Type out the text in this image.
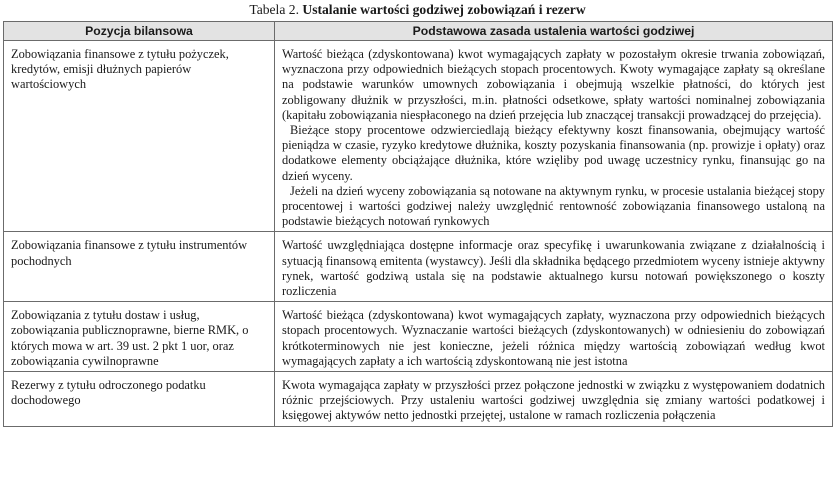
Tabela 2. Ustalanie wartości godziwej zobowiązań i rezerw
Pozycja bilansowa	Podstawowa zasada ustalenia wartości godziwej
Zobowiązania finansowe z tytułu pożyczek, kredytów, emisji dłużnych papierów wartościowych	Wartość bieżąca (zdyskontowana) kwot wymagających zapłaty w pozostałym okresie trwania zobowiązań, wyznaczona przy odpowiednich bieżących stopach procentowych. Kwoty wymagające zapłaty są określane na podstawie warunków umownych zobowiązania i obejmują wszelkie płatności, do których jest zobligowany dłużnik w przyszłości, m.in. płatności odsetkowe, spłaty wartości nominalnej zobowiązania (kapitału zobowiązania niespłaconego na dzień przejęcia lub znaczącej transakcji prowadzącej do przejęcia).

Bieżące stopy procentowe odzwierciedlają bieżący efektywny koszt finansowania, obejmujący wartość pieniądza w czasie, ryzyko kredytowe dłużnika, koszty pozyskania finansowania (np. prowizje i opłaty) oraz dodatkowe elementy obciążające dłużnika, które wzięliby pod uwagę uczestnicy rynku, finansując go na dzień wyceny.

Jeżeli na dzień wyceny zobowiązania są notowane na aktywnym rynku, w procesie ustalania bieżącej stopy procentowej i wartości godziwej należy uwzględnić rentowność zobowiązania finansowego ustaloną na podstawie bieżących notowań rynkowych

Zobowiązania finansowe z tytułu instrumentów pochodnych	Wartość uwzględniająca dostępne informacje oraz specyfikę i uwarunkowania związane z działalnością i sytuacją finansową emitenta (wystawcy). Jeśli dla składnika będącego przedmiotem wyceny istnieje aktywny rynek, wartość godziwą ustala się na podstawie aktualnego kursu notowań powiększonego o koszty rozliczenia

Zobowiązania z tytułu dostaw i usług, zobowiązania publicznoprawne, bierne RMK, o których mowa w art. 39 ust. 2 pkt 1 uor, oraz zobowiązania cywilnoprawne	Wartość bieżąca (zdyskontowana) kwot wymagających zapłaty, wyznaczona przy odpowiednich bieżących stopach procentowych. Wyznaczanie wartości bieżących (zdyskontowanych) w odniesieniu do zobowiązań krótkoterminowych nie jest konieczne, jeżeli różnica między wartością zobowiązań według kwot wymagających zapłaty a ich wartością zdyskontowaną nie jest istotna

Rezerwy z tytułu odroczonego podatku dochodowego	Kwota wymagająca zapłaty w przyszłości przez połączone jednostki w związku z występowaniem dodatnich różnic przejściowych. Przy ustaleniu wartości godziwej uwzględnia się zmiany wartości podatkowej i księgowej aktywów netto jednostki przejętej, ustalone w ramach rozliczenia połączenia
